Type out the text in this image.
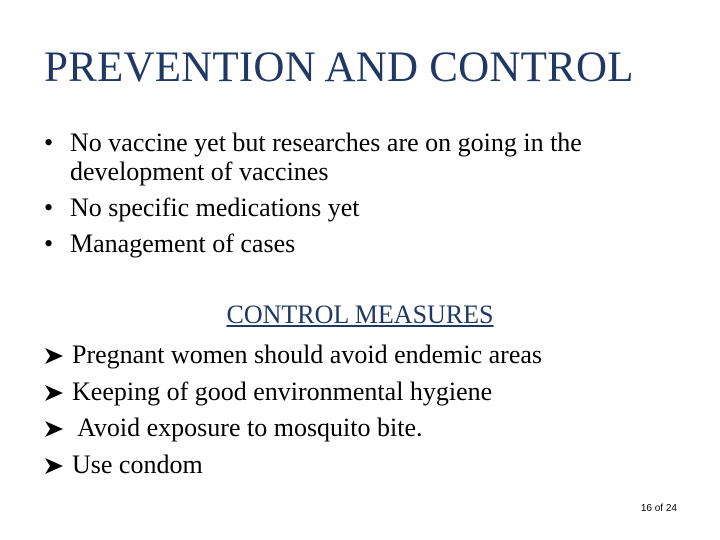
PREVENTION AND CONTROL
• No vaccine yet but researches are on going in the development of vaccines
• No specific medications yet
• Management of cases
CONTROL MEASURES
Pregnant women should avoid endemic areas
Keeping of good environmental hygiene
Avoid exposure to mosquito bite.
Use condom
16 of 24
